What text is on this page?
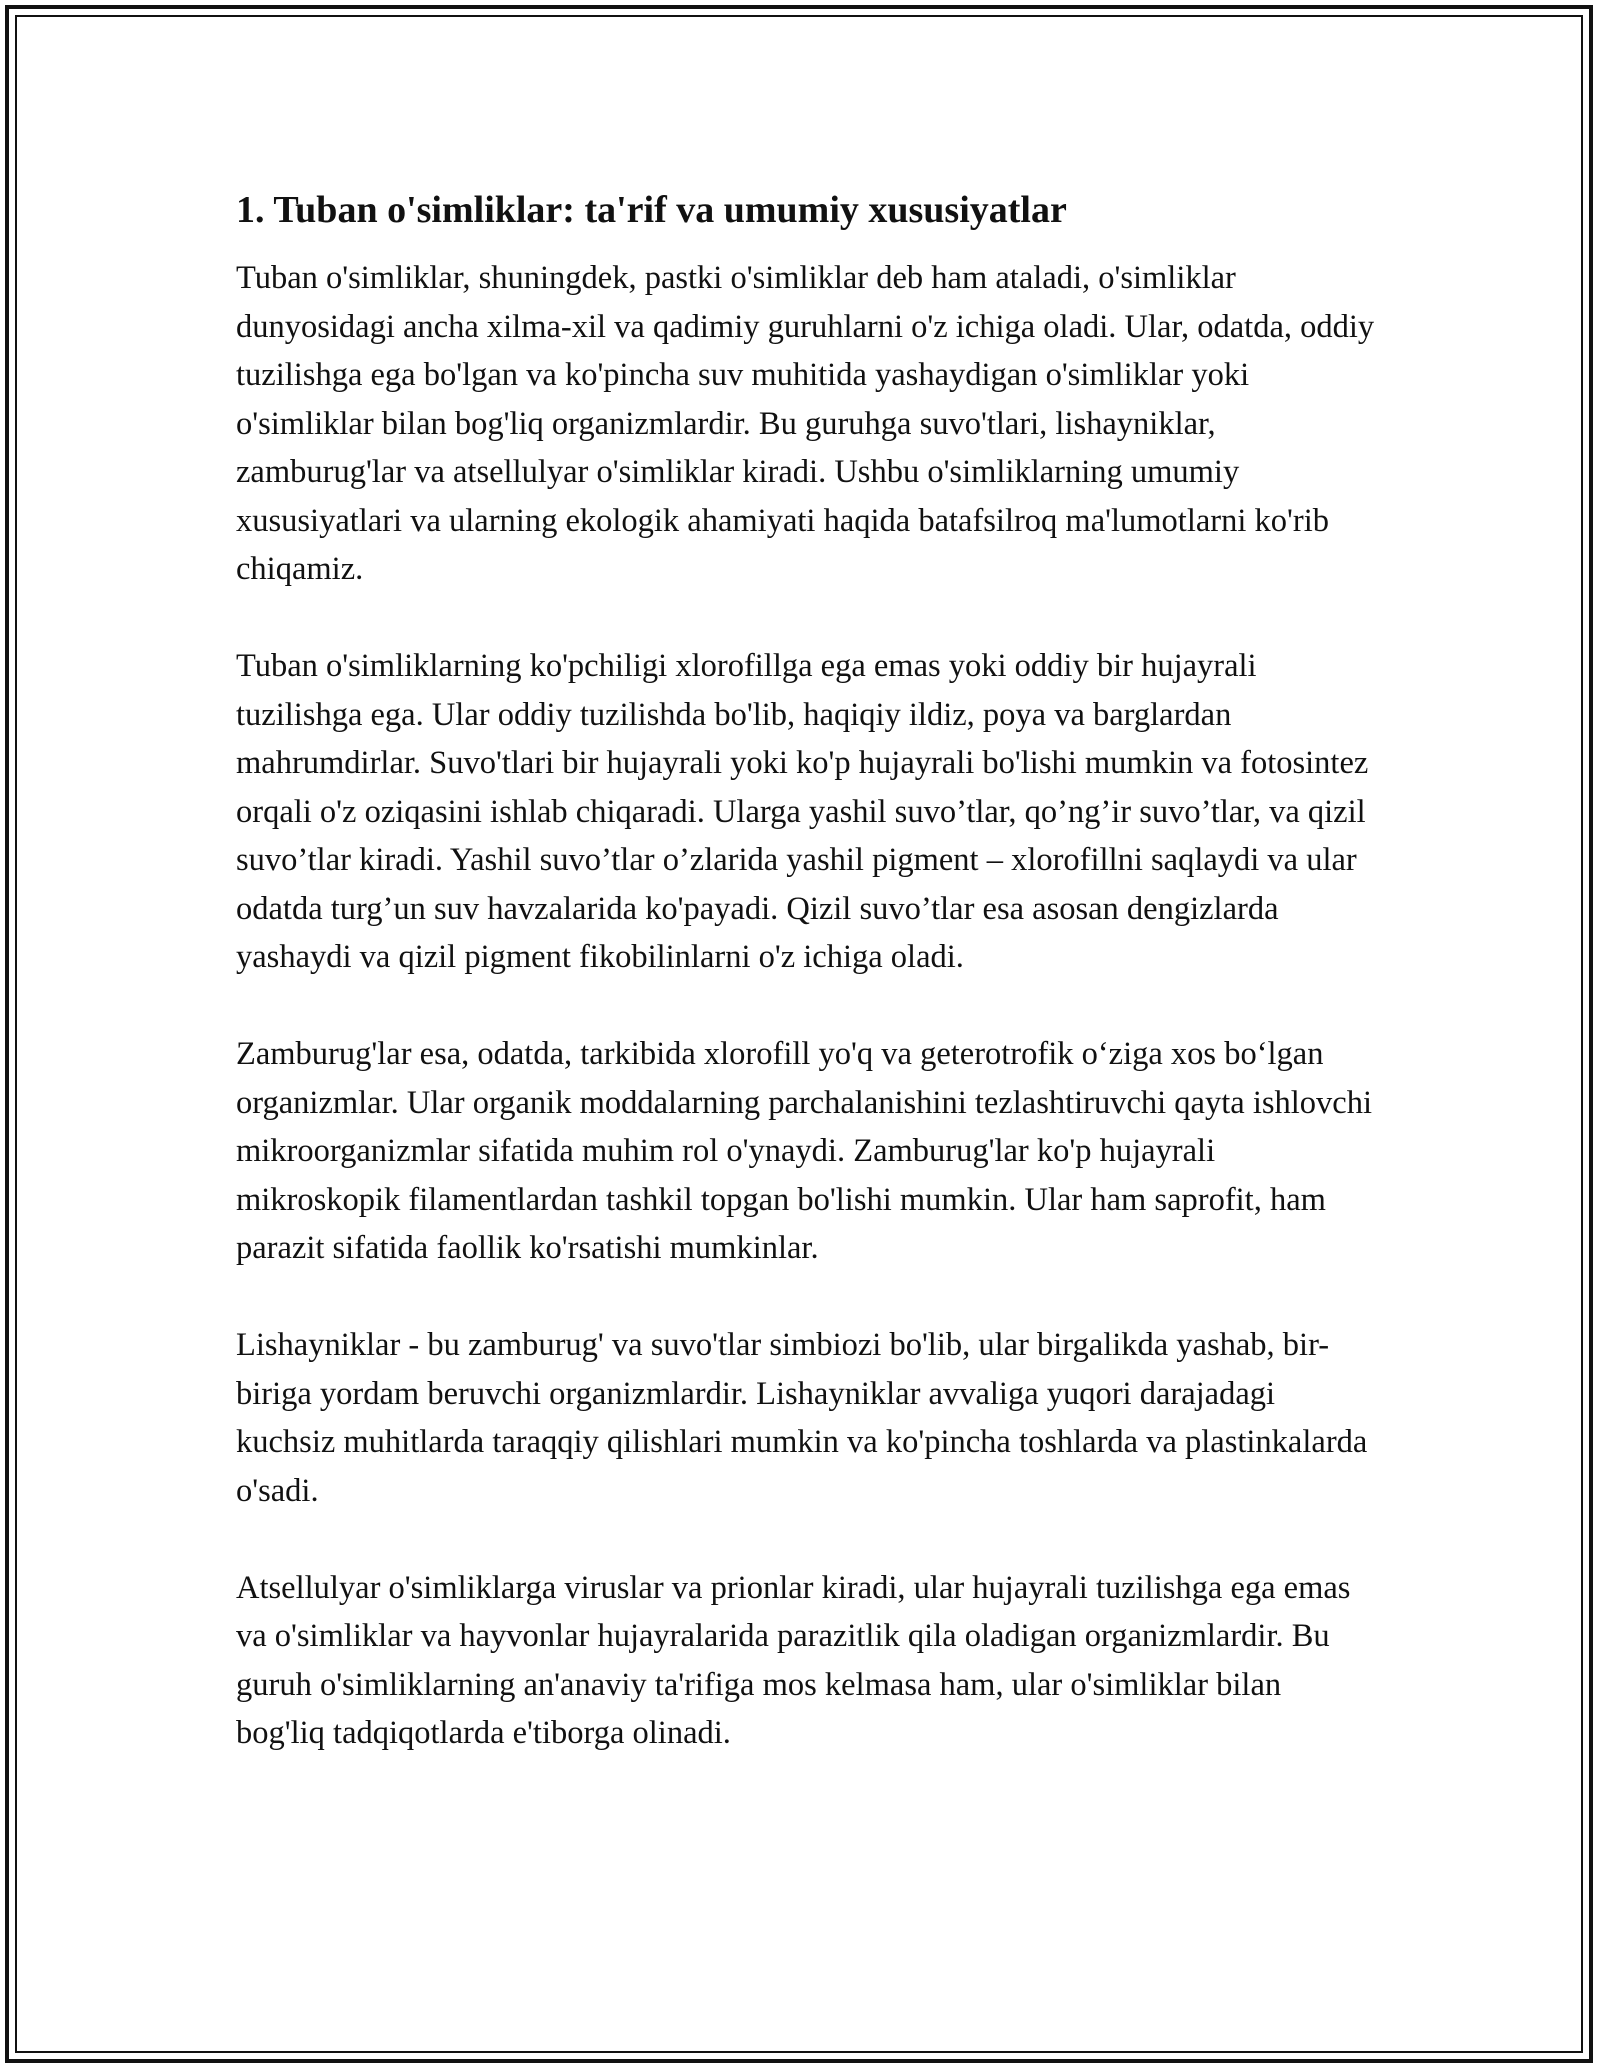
1. Tuban o'simliklar: ta'rif va umumiy xususiyatlar

Tuban o'simliklar, shuningdek, pastki o'simliklar deb ham ataladi, o'simliklar dunyosidagi ancha xilma-xil va qadimiy guruhlarni o'z ichiga oladi. Ular, odatda, oddiy tuzilishga ega bo'lgan va ko'pincha suv muhitida yashaydigan o'simliklar yoki o'simliklar bilan bog'liq organizmlardir. Bu guruhga suvo'tlari, lishayniklar, zamburug'lar va atsellulyar o'simliklar kiradi. Ushbu o'simliklarning umumiy xususiyatlari va ularning ekologik ahamiyati haqida batafsilroq ma'lumotlarni ko'rib chiqamiz.

Tuban o'simliklarning ko'pchiligi xlorofillga ega emas yoki oddiy bir hujayrali tuzilishga ega. Ular oddiy tuzilishda bo'lib, haqiqiy ildiz, poya va barglardan mahrumdirlar. Suvo'tlari bir hujayrali yoki ko'p hujayrali bo'lishi mumkin va fotosintez orqali o'z oziqasini ishlab chiqaradi. Ularga yashil suvo’tlar, qo’ng’ir suvo’tlar, va qizil suvo’tlar kiradi. Yashil suvo’tlar o’zlarida yashil pigment – xlorofillni saqlaydi va ular odatda turg’un suv havzalarida ko'payadi. Qizil suvo’tlar esa asosan dengizlarda yashaydi va qizil pigment fikobilinlarni o'z ichiga oladi.

Zamburug'lar esa, odatda, tarkibida xlorofill yo'q va geterotrofik o‘ziga xos bo‘lgan organizmlar. Ular organik moddalarning parchalanishini tezlashtiruvchi qayta ishlovchi mikroorganizmlar sifatida muhim rol o'ynaydi. Zamburug'lar ko'p hujayrali mikroskopik filamentlardan tashkil topgan bo'lishi mumkin. Ular ham saprofit, ham parazit sifatida faollik ko'rsatishi mumkinlar.

Lishayniklar - bu zamburug' va suvo'tlar simbiozi bo'lib, ular birgalikda yashab, bir-biriga yordam beruvchi organizmlardir. Lishayniklar avvaliga yuqori darajadagi kuchsiz muhitlarda taraqqiy qilishlari mumkin va ko'pincha toshlarda va plastinkalarda o'sadi.

Atsellulyar o'simliklarga viruslar va prionlar kiradi, ular hujayrali tuzilishga ega emas va o'simliklar va hayvonlar hujayralarida parazitlik qila oladigan organizmlardir. Bu guruh o'simliklarning an'anaviy ta'rifiga mos kelmasa ham, ular o'simliklar bilan bog'liq tadqiqotlarda e'tiborga olinadi.
